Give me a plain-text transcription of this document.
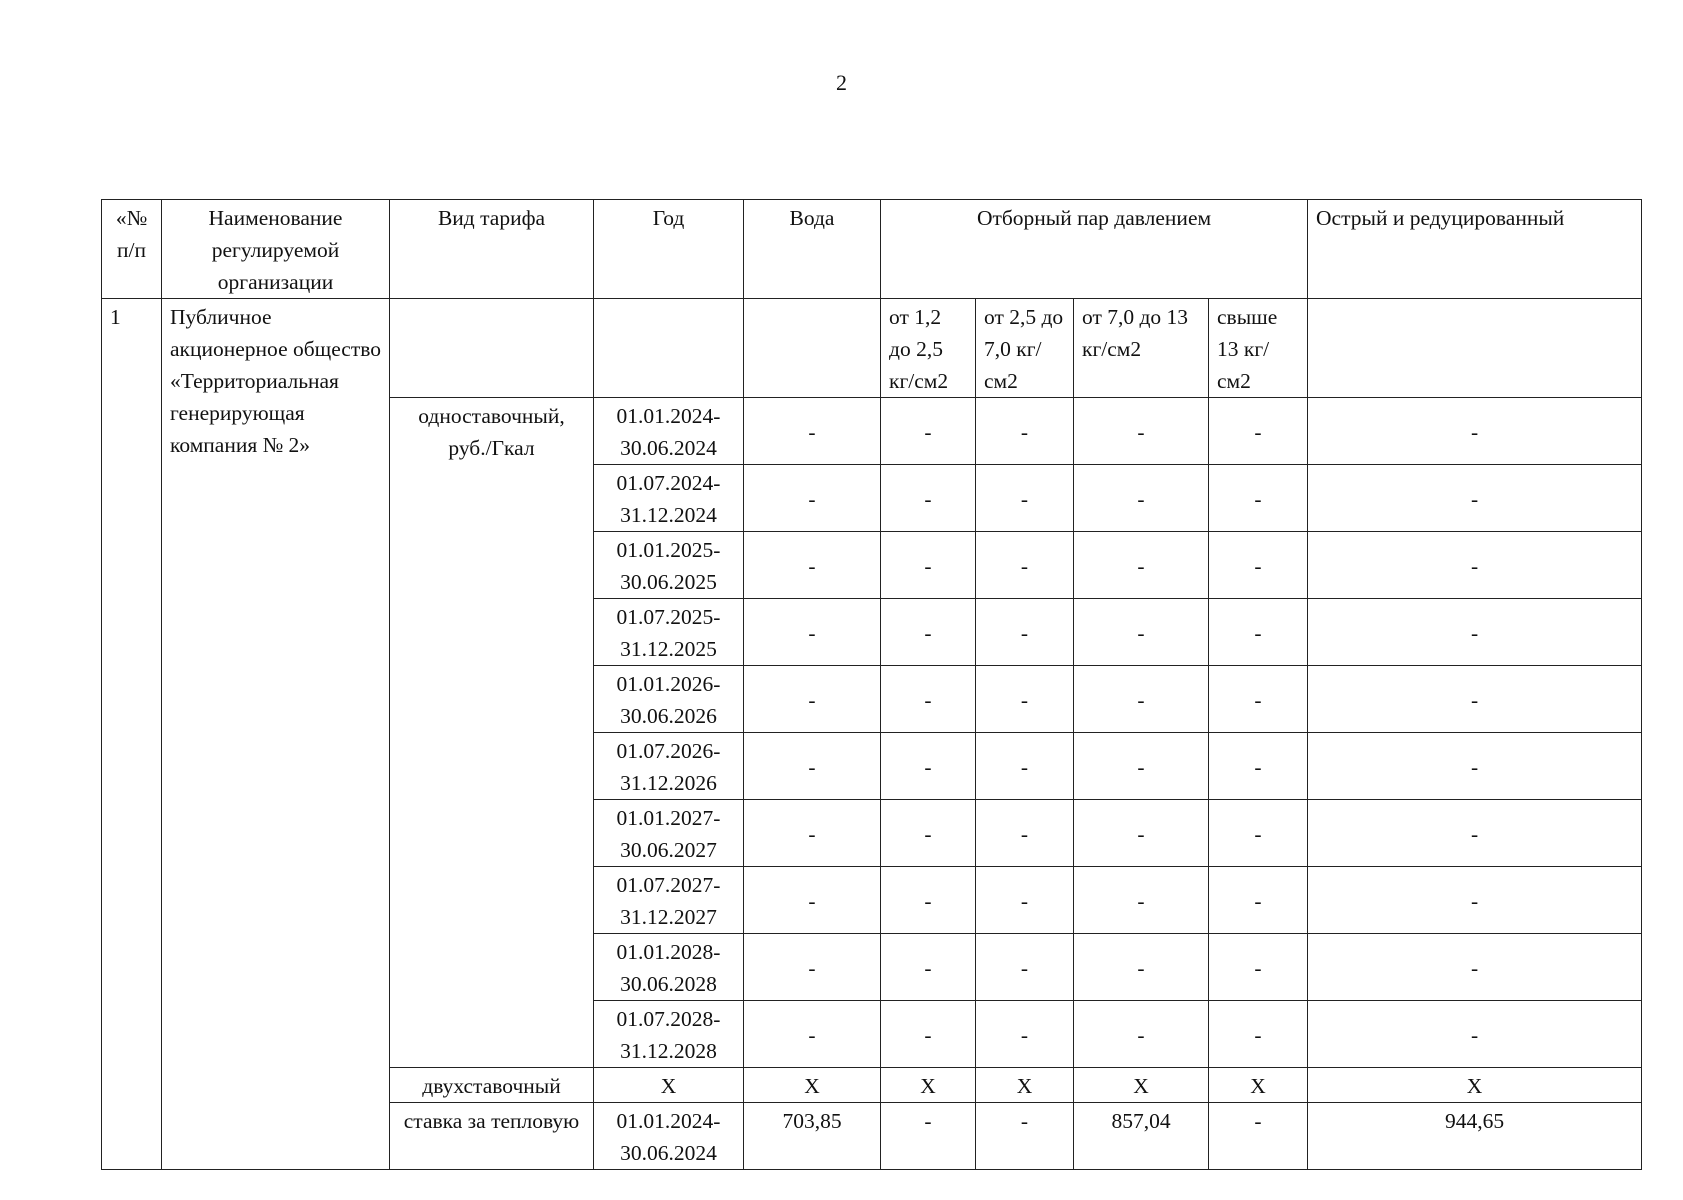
2
«№ п/п	Наименование регулируемой организации	Вид тарифа	Год	Вода	Отборный пар давлением				Острый и редуцированный
1	Публичное акционерное общество «Территориальная генерирующая компания № 2»				от 1,2 до 2,5 кг/см2	от 2,5 до 7,0 кг/см2	от 7,0 до 13 кг/см2	свыше 13 кг/см2	
		одноставочный, руб./Гкал	01.01.2024-30.06.2024	-	-	-	-	-	-
			01.07.2024-31.12.2024	-	-	-	-	-	-
			01.01.2025-30.06.2025	-	-	-	-	-	-
			01.07.2025-31.12.2025	-	-	-	-	-	-
			01.01.2026-30.06.2026	-	-	-	-	-	-
			01.07.2026-31.12.2026	-	-	-	-	-	-
			01.01.2027-30.06.2027	-	-	-	-	-	-
			01.07.2027-31.12.2027	-	-	-	-	-	-
			01.01.2028-30.06.2028	-	-	-	-	-	-
			01.07.2028-31.12.2028	-	-	-	-	-	-
		двухставочный	X	X	X	X	X	X	X
		ставка за тепловую	01.01.2024-30.06.2024	703,85	-	-	857,04	-	944,65
